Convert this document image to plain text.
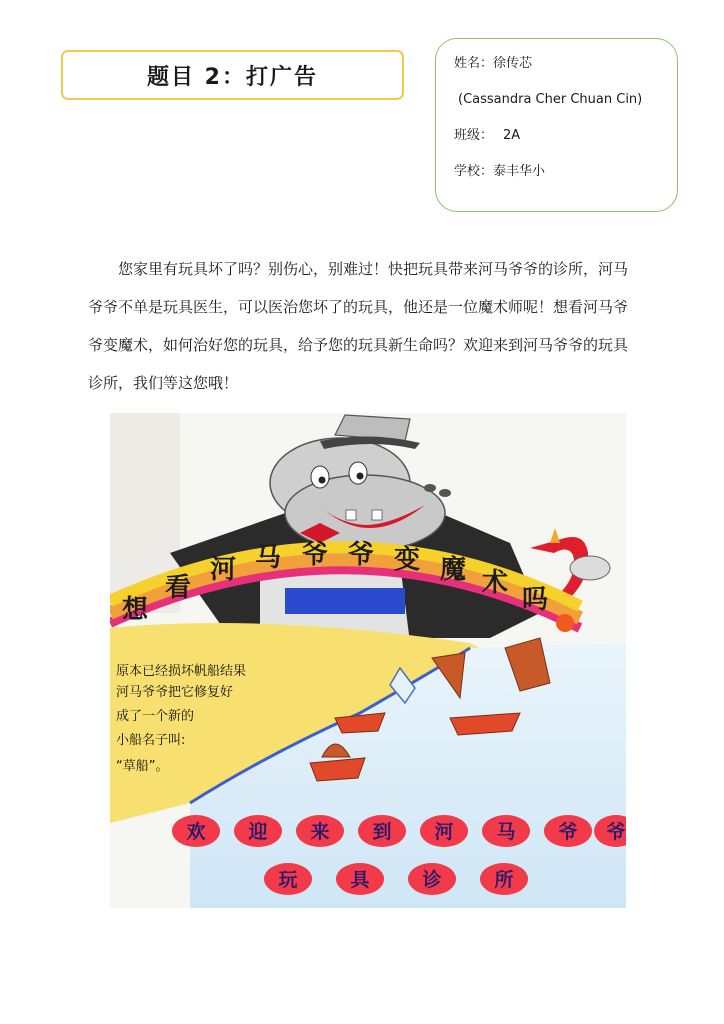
题目 2：打广告
姓名：徐传芯
(Cassandra Cher Chuan Cin)
班级： 2A
学校：泰丰华小

您家里有玩具坏了吗？别伤心，别难过！快把玩具带来河马爷爷的诊所，河马爷爷不单是玩具医生，可以医治您坏了的玩具，他还是一位魔术师呢！想看河马爷爷变魔术，如何治好您的玩具，给予您的玩具新生命吗？欢迎来到河马爷爷的玩具诊所，我们等这您哦！

想
看
河 马 爷 爷 变 魔 术
吗
原本已经损坏帆船结果
河马爷爷把它修复好
成了一个新的
小船名子叫:
“草船”。
欢 迎 来 到 河 马 爷 爷
玩	具	诊	所
